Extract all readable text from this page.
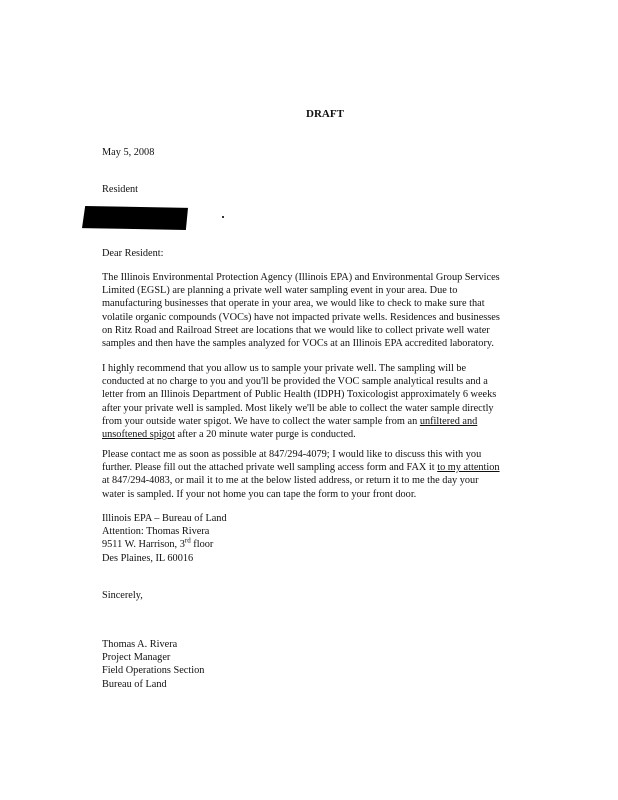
DRAFT
May 5, 2008
Resident
Dear Resident:
The Illinois Environmental Protection Agency (Illinois EPA) and Environmental Group Services
Limited (EGSL) are planning a private well water sampling event in your area. Due to
manufacturing businesses that operate in your area, we would like to check to make sure that
volatile organic compounds (VOCs) have not impacted private wells. Residences and businesses
on Ritz Road and Railroad Street are locations that we would like to collect private well water
samples and then have the samples analyzed for VOCs at an Illinois EPA accredited laboratory.
I highly recommend that you allow us to sample your private well. The sampling will be
conducted at no charge to you and you'll be provided the VOC sample analytical results and a
letter from an Illinois Department of Public Health (IDPH) Toxicologist approximately 6 weeks
after your private well is sampled. Most likely we'll be able to collect the water sample directly
from your outside water spigot. We have to collect the water sample from an unfiltered and
unsoftened spigot after a 20 minute water purge is conducted.
Please contact me as soon as possible at 847/294-4079; I would like to discuss this with you
further. Please fill out the attached private well sampling access form and FAX it to my attention
at 847/294-4083, or mail it to me at the below listed address, or return it to me the day your
water is sampled. If your not home you can tape the form to your front door.
Illinois EPA – Bureau of Land
Attention: Thomas Rivera
9511 W. Harrison, 3rd floor
Des Plaines, IL 60016
Sincerely,
Thomas A. Rivera
Project Manager
Field Operations Section
Bureau of Land
